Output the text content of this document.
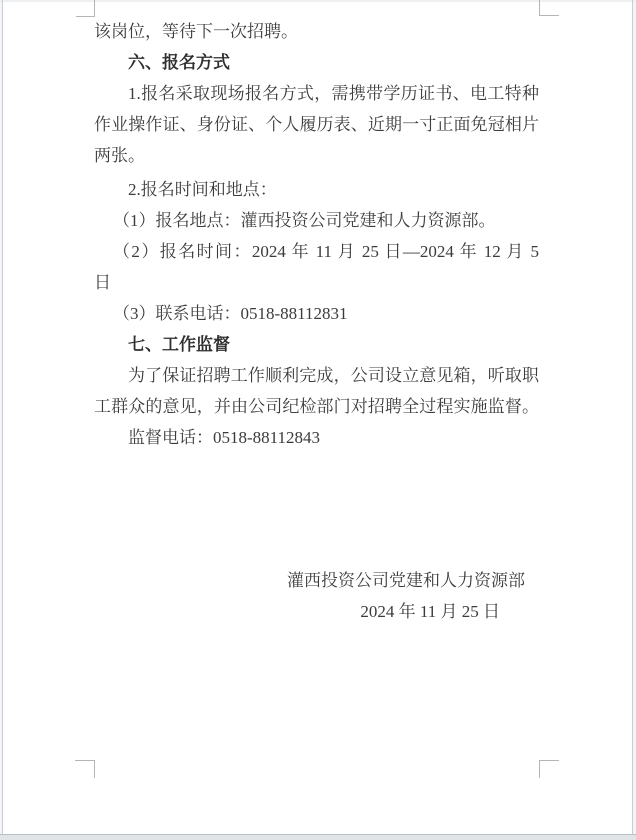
该岗位，等待下一次招聘。
六、报名方式
1.报名采取现场报名方式，需携带学历证书、电工特种
作业操作证、身份证、个人履历表、近期一寸正面免冠相片
两张。
2.报名时间和地点：
（1）报名地点：灌西投资公司党建和人力资源部。
（2）报名时间：2024 年 11 月 25 日—2024 年 12 月 5
日
（3）联系电话：0518-88112831
七、工作监督
为了保证招聘工作顺利完成，公司设立意见箱，听取职
工群众的意见，并由公司纪检部门对招聘全过程实施监督。
监督电话：0518-88112843
灌西投资公司党建和人力资源部
2024 年 11 月 25 日
